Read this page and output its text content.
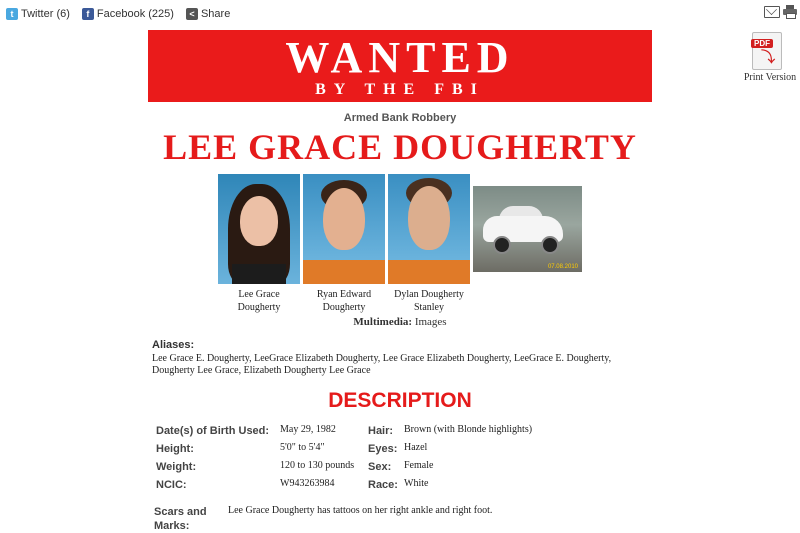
t Twitter (6)	f Facebook (225)	< Share
PDF
⤵
Print Version
WANTED
BY THE FBI
Armed Bank Robbery
LEE GRACE DOUGHERTY
07.08.2010
Lee Grace
Dougherty
Ryan Edward
Dougherty
Dylan Dougherty
Stanley
Multimedia: Images
Aliases:
Lee Grace E. Dougherty, LeeGrace Elizabeth Dougherty, Lee Grace Elizabeth Dougherty, LeeGrace E. Dougherty, Dougherty Lee Grace, Elizabeth Dougherty Lee Grace
DESCRIPTION
Date(s) of Birth Used: May 29, 1982
Height:	5'0" to 5'4"
Weight:	120 to 130 pounds
NCIC:	W943263984
Hair: Brown (with Blonde highlights)
Eyes: Hazel
Sex: Female
Race: White
Scars and
Marks:
Lee Grace Dougherty has tattoos on her right ankle and right foot.
